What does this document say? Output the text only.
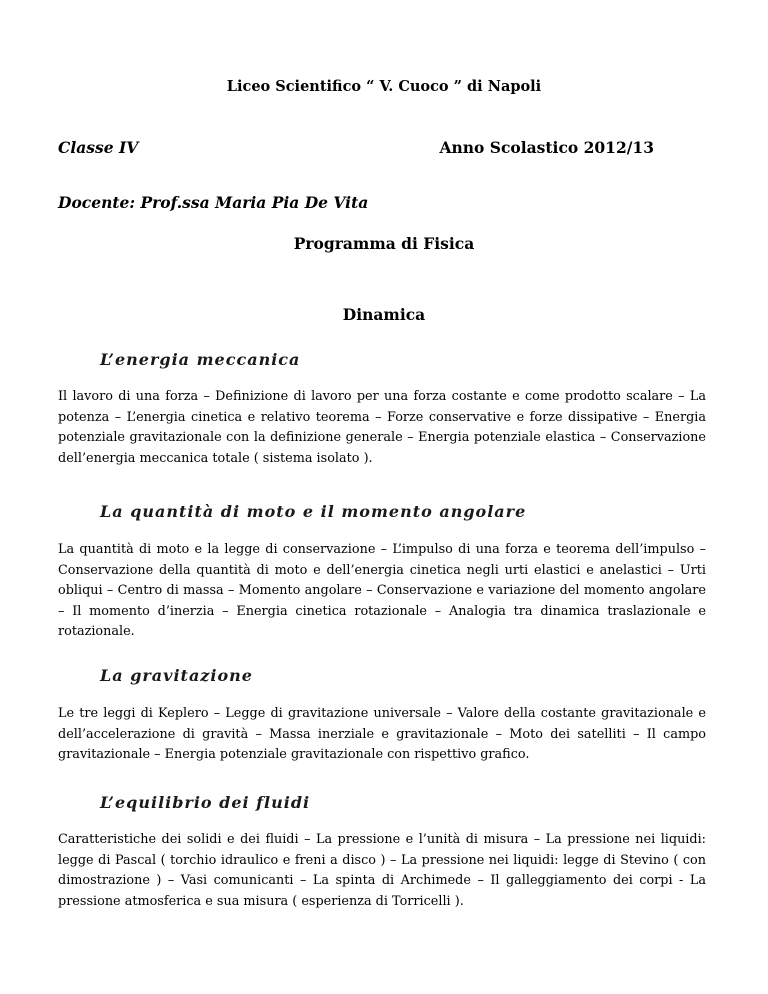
Liceo Scientifico “ V. Cuoco ” di Napoli

Classe IV	Anno Scolastico 2012/13

Docente: Prof.ssa Maria Pia De Vita

Programma di Fisica

Dinamica

L’energia meccanica

Il lavoro di una forza – Definizione di lavoro per una forza costante e come prodotto scalare – La potenza – L’energia cinetica e relativo teorema – Forze conservative e forze dissipative – Energia potenziale gravitazionale con la definizione generale – Energia potenziale elastica – Conservazione dell’energia meccanica totale ( sistema isolato ).

La quantità di moto e il momento angolare

La quantità di moto e la legge di conservazione – L’impulso di una forza e teorema dell’impulso – Conservazione della quantità di moto e dell’energia cinetica negli urti elastici e anelastici – Urti obliqui – Centro di massa – Momento angolare – Conservazione e variazione del momento angolare – Il momento d’inerzia – Energia cinetica rotazionale – Analogia tra dinamica traslazionale e rotazionale.

La gravitazione

Le tre leggi di Keplero – Legge di gravitazione universale – Valore della costante gravitazionale e dell’accelerazione di gravità – Massa inerziale e gravitazionale – Moto dei satelliti – Il campo gravitazionale – Energia potenziale gravitazionale con rispettivo grafico.

L’equilibrio dei fluidi

Caratteristiche dei solidi e dei fluidi – La pressione e l’unità di misura – La pressione nei liquidi: legge di Pascal ( torchio idraulico e freni a disco ) – La pressione nei liquidi: legge di Stevino ( con dimostrazione ) – Vasi comunicanti – La spinta di Archimede – Il galleggiamento dei corpi - La pressione atmosferica e sua misura ( esperienza di Torricelli ).
